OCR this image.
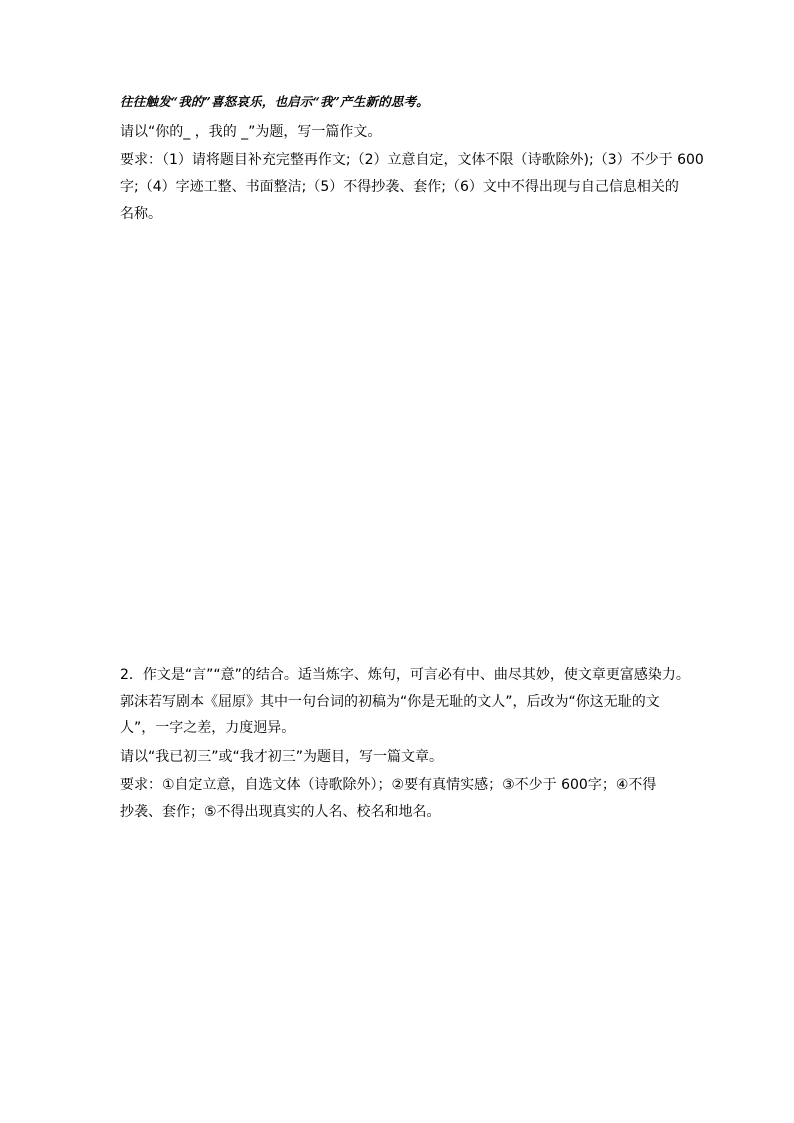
往往触发“我的”喜怒哀乐，也启示“我”产生新的思考。
请以“你的_ ，我的 _”为题，写一篇作文。
要求：（1）请将题目补充完整再作文;（2）立意自定，文体不限（诗歌除外);（3）不少于 600
字;（4）字迹工整、书面整洁;（5）不得抄袭、套作;（6）文中不得出现与自己信息相关的
名称。
2．作文是“言”“意”的结合。适当炼字、炼句，可言必有中、曲尽其妙，使文章更富感染力。
郭沫若写剧本《屈原》其中一句台词的初稿为“你是无耻的文人”，后改为“你这无耻的文
人”，一字之差，力度迥异。
请以“我已初三”或“我才初三”为题目，写一篇文章。
要求：①自定立意，自选文体（诗歌除外）；②要有真情实感；③不少于 600字；④不得
抄袭、套作；⑤不得出现真实的人名、校名和地名。
